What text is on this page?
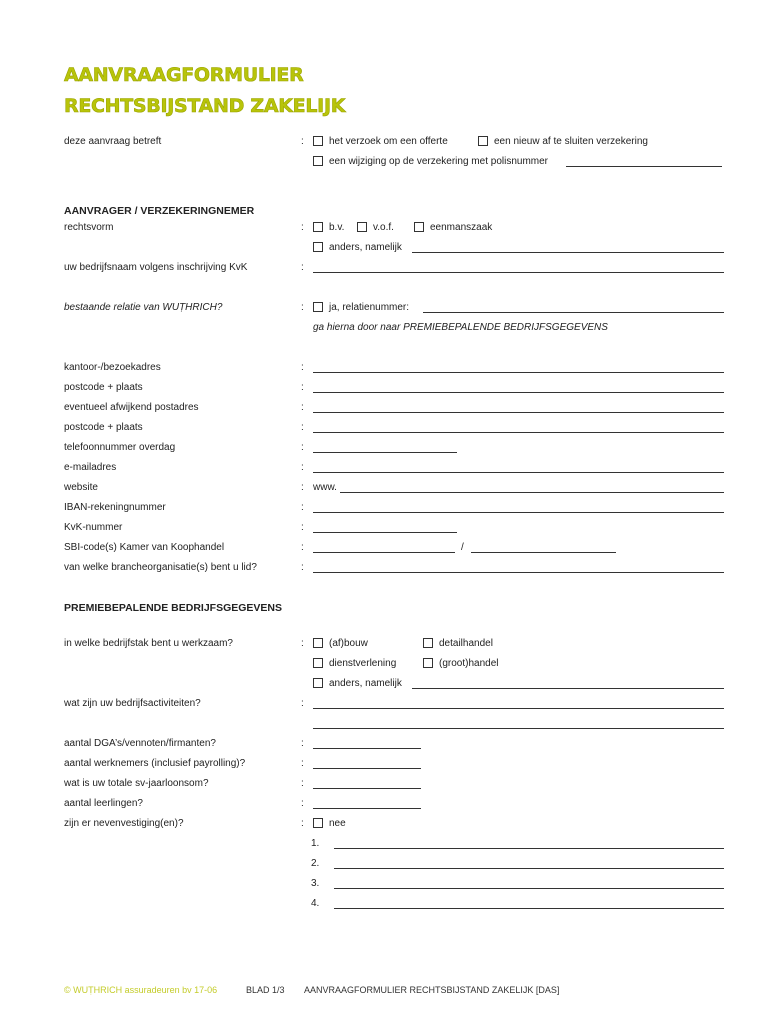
AANVRAAGFORMULIER
RECHTSBIJSTAND ZAKELIJK
deze aanvraag betreft	:	het verzoek om een offerte	een nieuw af te sluiten verzekering
een wijziging op de verzekering met polisnummer
AANVRAGER / VERZEKERINGNEMER
rechtsvorm	:	b.v.	v.o.f.	eenmanszaak
anders, namelijk
uw bedrijfsnaam volgens inschrijving KvK	:
bestaande relatie van WUṬHRICH?	:	ja, relatienummer:
ga hierna door naar PREMIEBEPALENDE BEDRIJFSGEGEVENS
kantoor-/bezoekadres	:
postcode + plaats	:
eventueel afwijkend postadres	:
postcode + plaats	:
telefoonnummer overdag	:
e-mailadres	:
website	: www.
IBAN-rekeningnummer	:
KvK-nummer	:
SBI-code(s) Kamer van Koophandel	:	/
van welke brancheorganisatie(s) bent u lid?	:
PREMIEBEPALENDE BEDRIJFSGEGEVENS
in welke bedrijfstak bent u werkzaam?	:	(af)bouw	detailhandel
dienstverlening	(groot)handel
anders, namelijk
wat zijn uw bedrijfsactiviteiten?	:
aantal DGA’s/vennoten/firmanten?	:
aantal werknemers (inclusief payrolling)?	:
wat is uw totale sv-jaarloonsom?	:
aantal leerlingen?	:
zijn er nevenvestiging(en)?	:	nee
1.
2.
3.
4.
© WUṬHRICH assuradeuren bv 17-06	BLAD 1/3 AANVRAAGFORMULIER RECHTSBIJSTAND ZAKELIJK [DAS]
